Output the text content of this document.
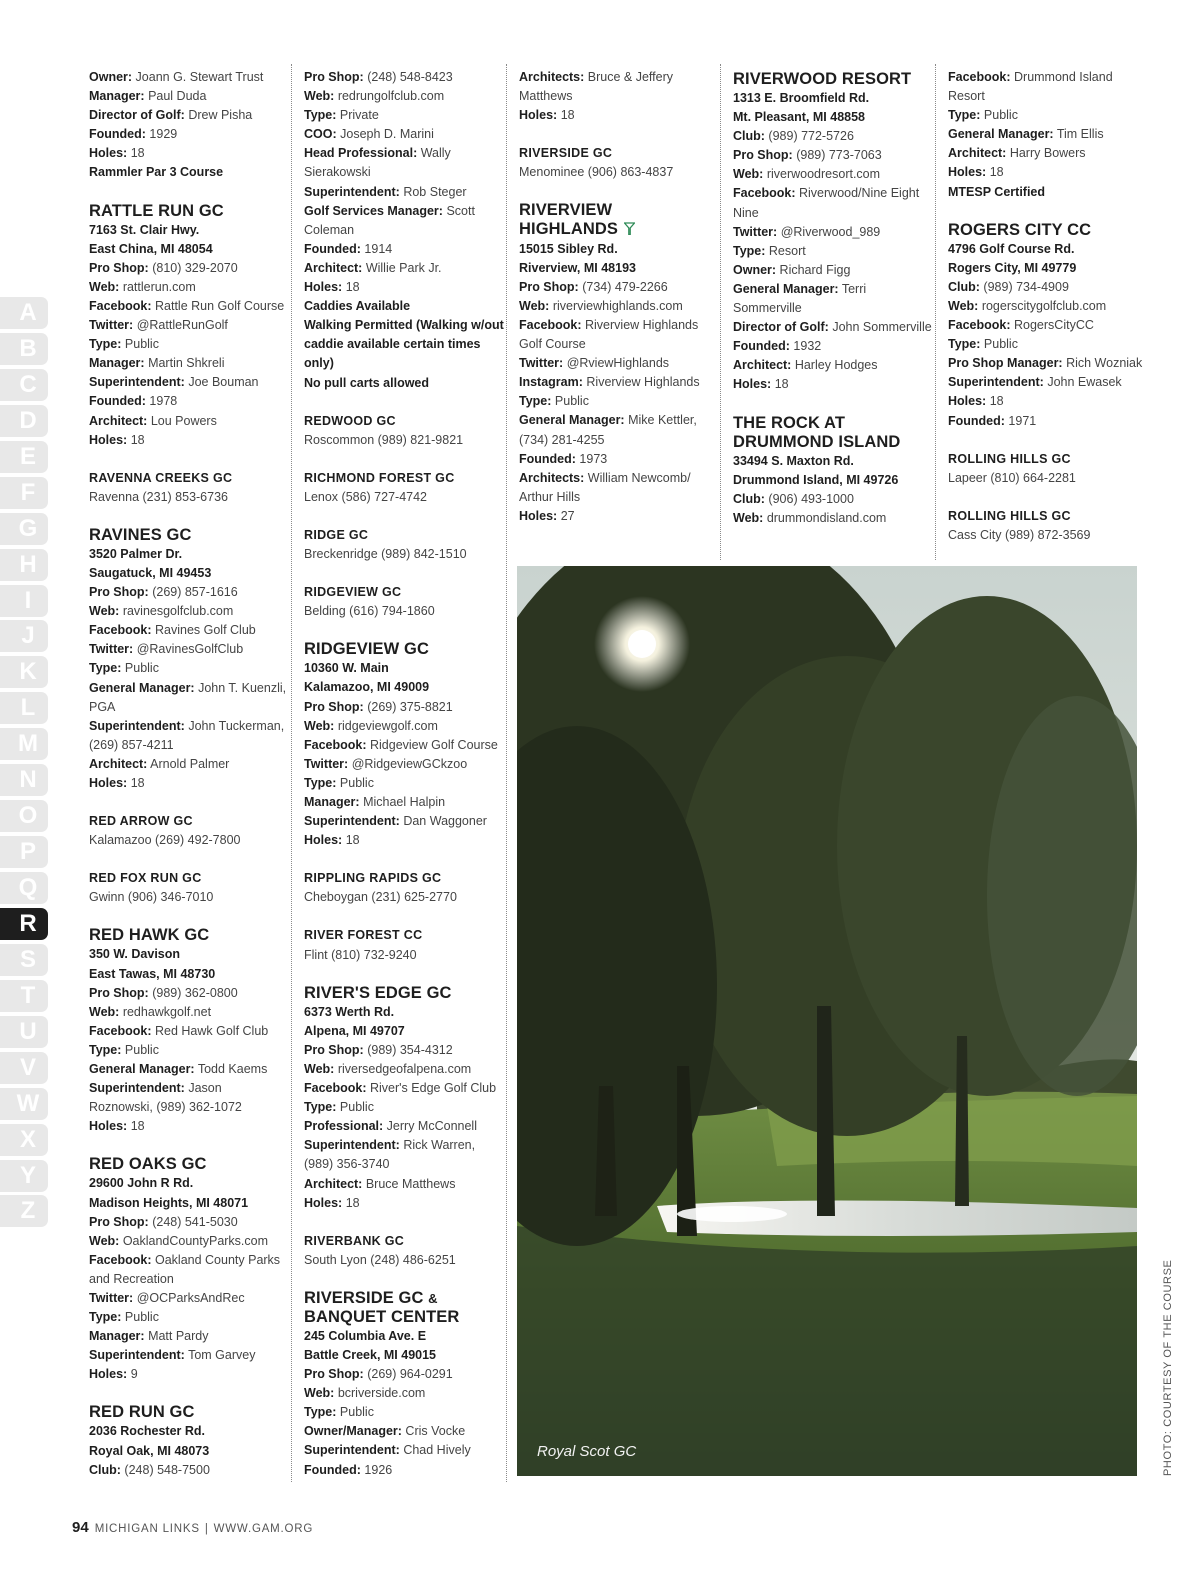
Owner: Joann G. Stewart Trust
Manager: Paul Duda
Director of Golf: Drew Pisha
Founded: 1929
Holes: 18
Rammler Par 3 Course
RATTLE RUN GC
7163 St. Clair Hwy.
East China, MI 48054
Pro Shop: (810) 329-2070
Web: rattlerun.com
Facebook: Rattle Run Golf Course
Twitter: @RattleRunGolf
Type: Public
Manager: Martin Shkreli
Superintendent: Joe Bouman
Founded: 1978
Architect: Lou Powers
Holes: 18
RAVENNA CREEKS GC
Ravenna (231) 853-6736
RAVINES GC
3520 Palmer Dr.
Saugatuck, MI 49453
Pro Shop: (269) 857-1616
Web: ravinesgolfclub.com
Facebook: Ravines Golf Club
Twitter: @RavinesGolfClub
Type: Public
General Manager: John T. Kuenzli, PGA
Superintendent: John Tuckerman, (269) 857-4211
Architect: Arnold Palmer
Holes: 18
RED ARROW GC
Kalamazoo (269) 492-7800
RED FOX RUN GC
Gwinn (906) 346-7010
RED HAWK GC
350 W. Davison
East Tawas, MI 48730
Pro Shop: (989) 362-0800
Web: redhawkgolf.net
Facebook: Red Hawk Golf Club
Type: Public
General Manager: Todd Kaems
Superintendent: Jason Roznowski, (989) 362-1072
Holes: 18
RED OAKS GC
29600 John R Rd.
Madison Heights, MI 48071
Pro Shop: (248) 541-5030
Web: OaklandCountyParks.com
Facebook: Oakland County Parks and Recreation
Twitter: @OCParksAndRec
Type: Public
Manager: Matt Pardy
Superintendent: Tom Garvey
Holes: 9
RED RUN GC
2036 Rochester Rd.
Royal Oak, MI 48073
Club: (248) 548-7500
Pro Shop: (248) 548-8423
Web: redrungolfclub.com
Type: Private
COO: Joseph D. Marini
Head Professional: Wally Sierakowski
Superintendent: Rob Steger
Golf Services Manager: Scott Coleman
Founded: 1914
Architect: Willie Park Jr.
Holes: 18
Caddies Available
Walking Permitted (Walking w/out caddie available certain times only)
No pull carts allowed
REDWOOD GC
Roscommon (989) 821-9821
RICHMOND FOREST GC
Lenox (586) 727-4742
RIDGE GC
Breckenridge (989) 842-1510
RIDGEVIEW GC
Belding (616) 794-1860
RIDGEVIEW GC
10360 W. Main
Kalamazoo, MI 49009
Pro Shop: (269) 375-8821
Web: ridgeviewgolf.com
Facebook: Ridgeview Golf Course
Twitter: @RidgeviewGCkzoo
Type: Public
Manager: Michael Halpin
Superintendent: Dan Waggoner
Holes: 18
RIPPLING RAPIDS GC
Cheboygan (231) 625-2770
RIVER FOREST CC
Flint (810) 732-9240
RIVER'S EDGE GC
6373 Werth Rd.
Alpena, MI 49707
Pro Shop: (989) 354-4312
Web: riversedgeofalpena.com
Facebook: River's Edge Golf Club
Type: Public
Professional: Jerry McConnell
Superintendent: Rick Warren, (989) 356-3740
Architect: Bruce Matthews
Holes: 18
RIVERBANK GC
South Lyon (248) 486-6251
RIVERSIDE GC &
BANQUET CENTER
245 Columbia Ave. E
Battle Creek, MI 49015
Pro Shop: (269) 964-0291
Web: bcriverside.com
Type: Public
Owner/Manager: Cris Vocke
Superintendent: Chad Hively
Founded: 1926
Architects: Bruce & Jeffery Matthews
Holes: 18
RIVERSIDE GC
Menominee (906) 863-4837
RIVERVIEW
HIGHLANDS
15015 Sibley Rd.
Riverview, MI 48193
Pro Shop: (734) 479-2266
Web: riverviewhighlands.com
Facebook: Riverview Highlands Golf Course
Twitter: @RviewHighlands
Instagram: Riverview Highlands
Type: Public
General Manager: Mike Kettler, (734) 281-4255
Founded: 1973
Architects: William Newcomb/ Arthur Hills
Holes: 27
RIVERWOOD RESORT
1313 E. Broomfield Rd.
Mt. Pleasant, MI 48858
Club: (989) 772-5726
Pro Shop: (989) 773-7063
Web: riverwoodresort.com
Facebook: Riverwood/Nine Eight Nine
Twitter: @Riverwood_989
Type: Resort
Owner: Richard Figg
General Manager: Terri Sommerville
Director of Golf: John Sommerville
Founded: 1932
Architect: Harley Hodges
Holes: 18
THE ROCK AT
DRUMMOND ISLAND
33494 S. Maxton Rd.
Drummond Island, MI 49726
Club: (906) 493-1000
Web: drummondisland.com
Facebook: Drummond Island Resort
Type: Public
General Manager: Tim Ellis
Architect: Harry Bowers
Holes: 18
MTESP Certified
ROGERS CITY CC
4796 Golf Course Rd.
Rogers City, MI 49779
Club: (989) 734-4909
Web: rogerscitygolfclub.com
Facebook: RogersCityCC
Type: Public
Pro Shop Manager: Rich Wozniak
Superintendent: John Ewasek
Holes: 18
Founded: 1971
ROLLING HILLS GC
Lapeer (810) 664-2281
ROLLING HILLS GC
Cass City (989) 872-3569
A
B
C
D
E
F
G
H
I
J
K
L
M
N
O
P
Q
R
S
T
U
V
W
X
Y
Z
Royal Scot GC	PHOTO: COURTESY OF THE COURSE
94 MICHIGAN LINKS | WWW.GAM.ORG
